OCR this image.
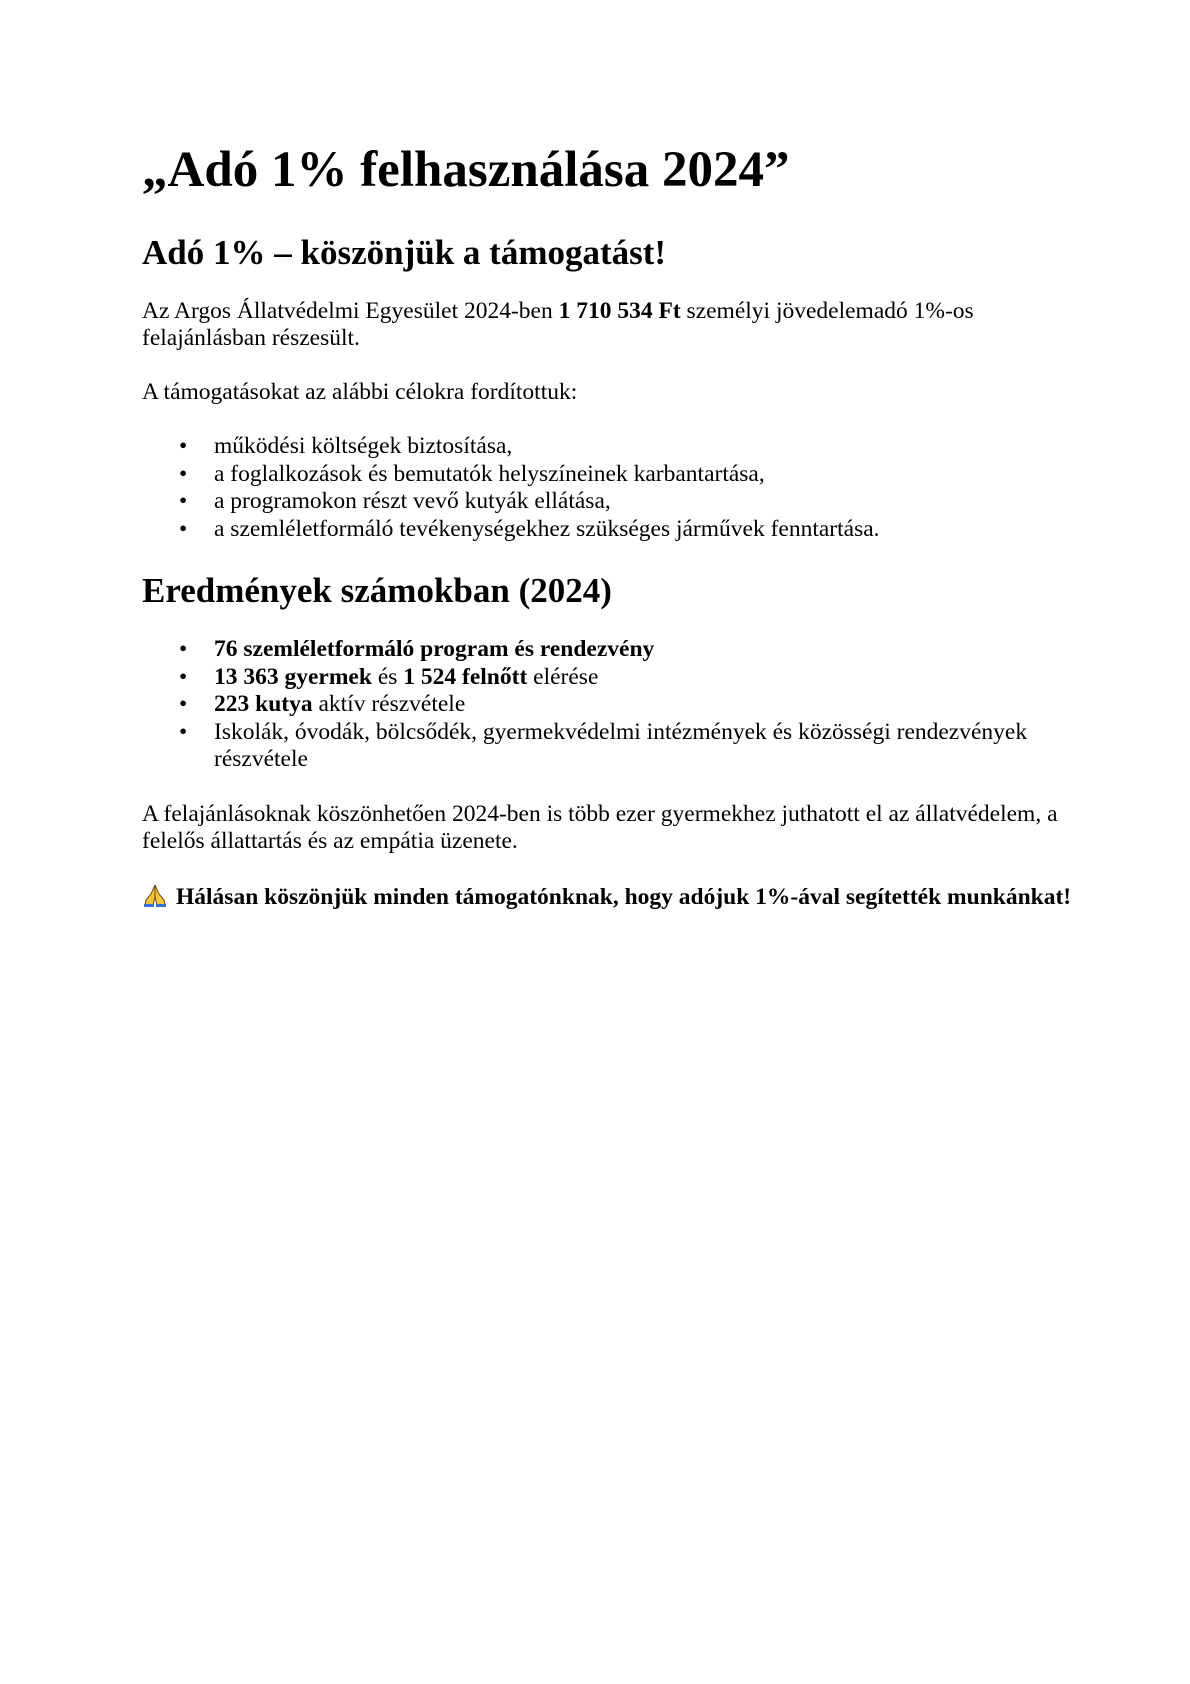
„Adó 1% felhasználása 2024”
Adó 1% – köszönjük a támogatást!

Az Argos Állatvédelmi Egyesület 2024-ben 1 710 534 Ft személyi jövedelemadó 1%-os felajánlásban részesült.

A támogatásokat az alábbi célokra fordítottuk:

• működési költségek biztosítása,
• a foglalkozások és bemutatók helyszíneinek karbantartása,
• a programokon részt vevő kutyák ellátása,
• a szemléletformáló tevékenységekhez szükséges járművek fenntartása.
Eredmények számokban (2024)
• 76 szemléletformáló program és rendezvény
• 13 363 gyermek és 1 524 felnőtt elérése
• 223 kutya aktív részvétele
• Iskolák, óvodák, bölcsődék, gyermekvédelmi intézmények és közösségi rendezvények részvétele

A felajánlásoknak köszönhetően 2024-ben is több ezer gyermekhez juthatott el az állatvédelem, a felelős állattartás és az empátia üzenete.

Hálásan köszönjük minden támogatónknak, hogy adójuk 1%-ával segítették munkánkat!
